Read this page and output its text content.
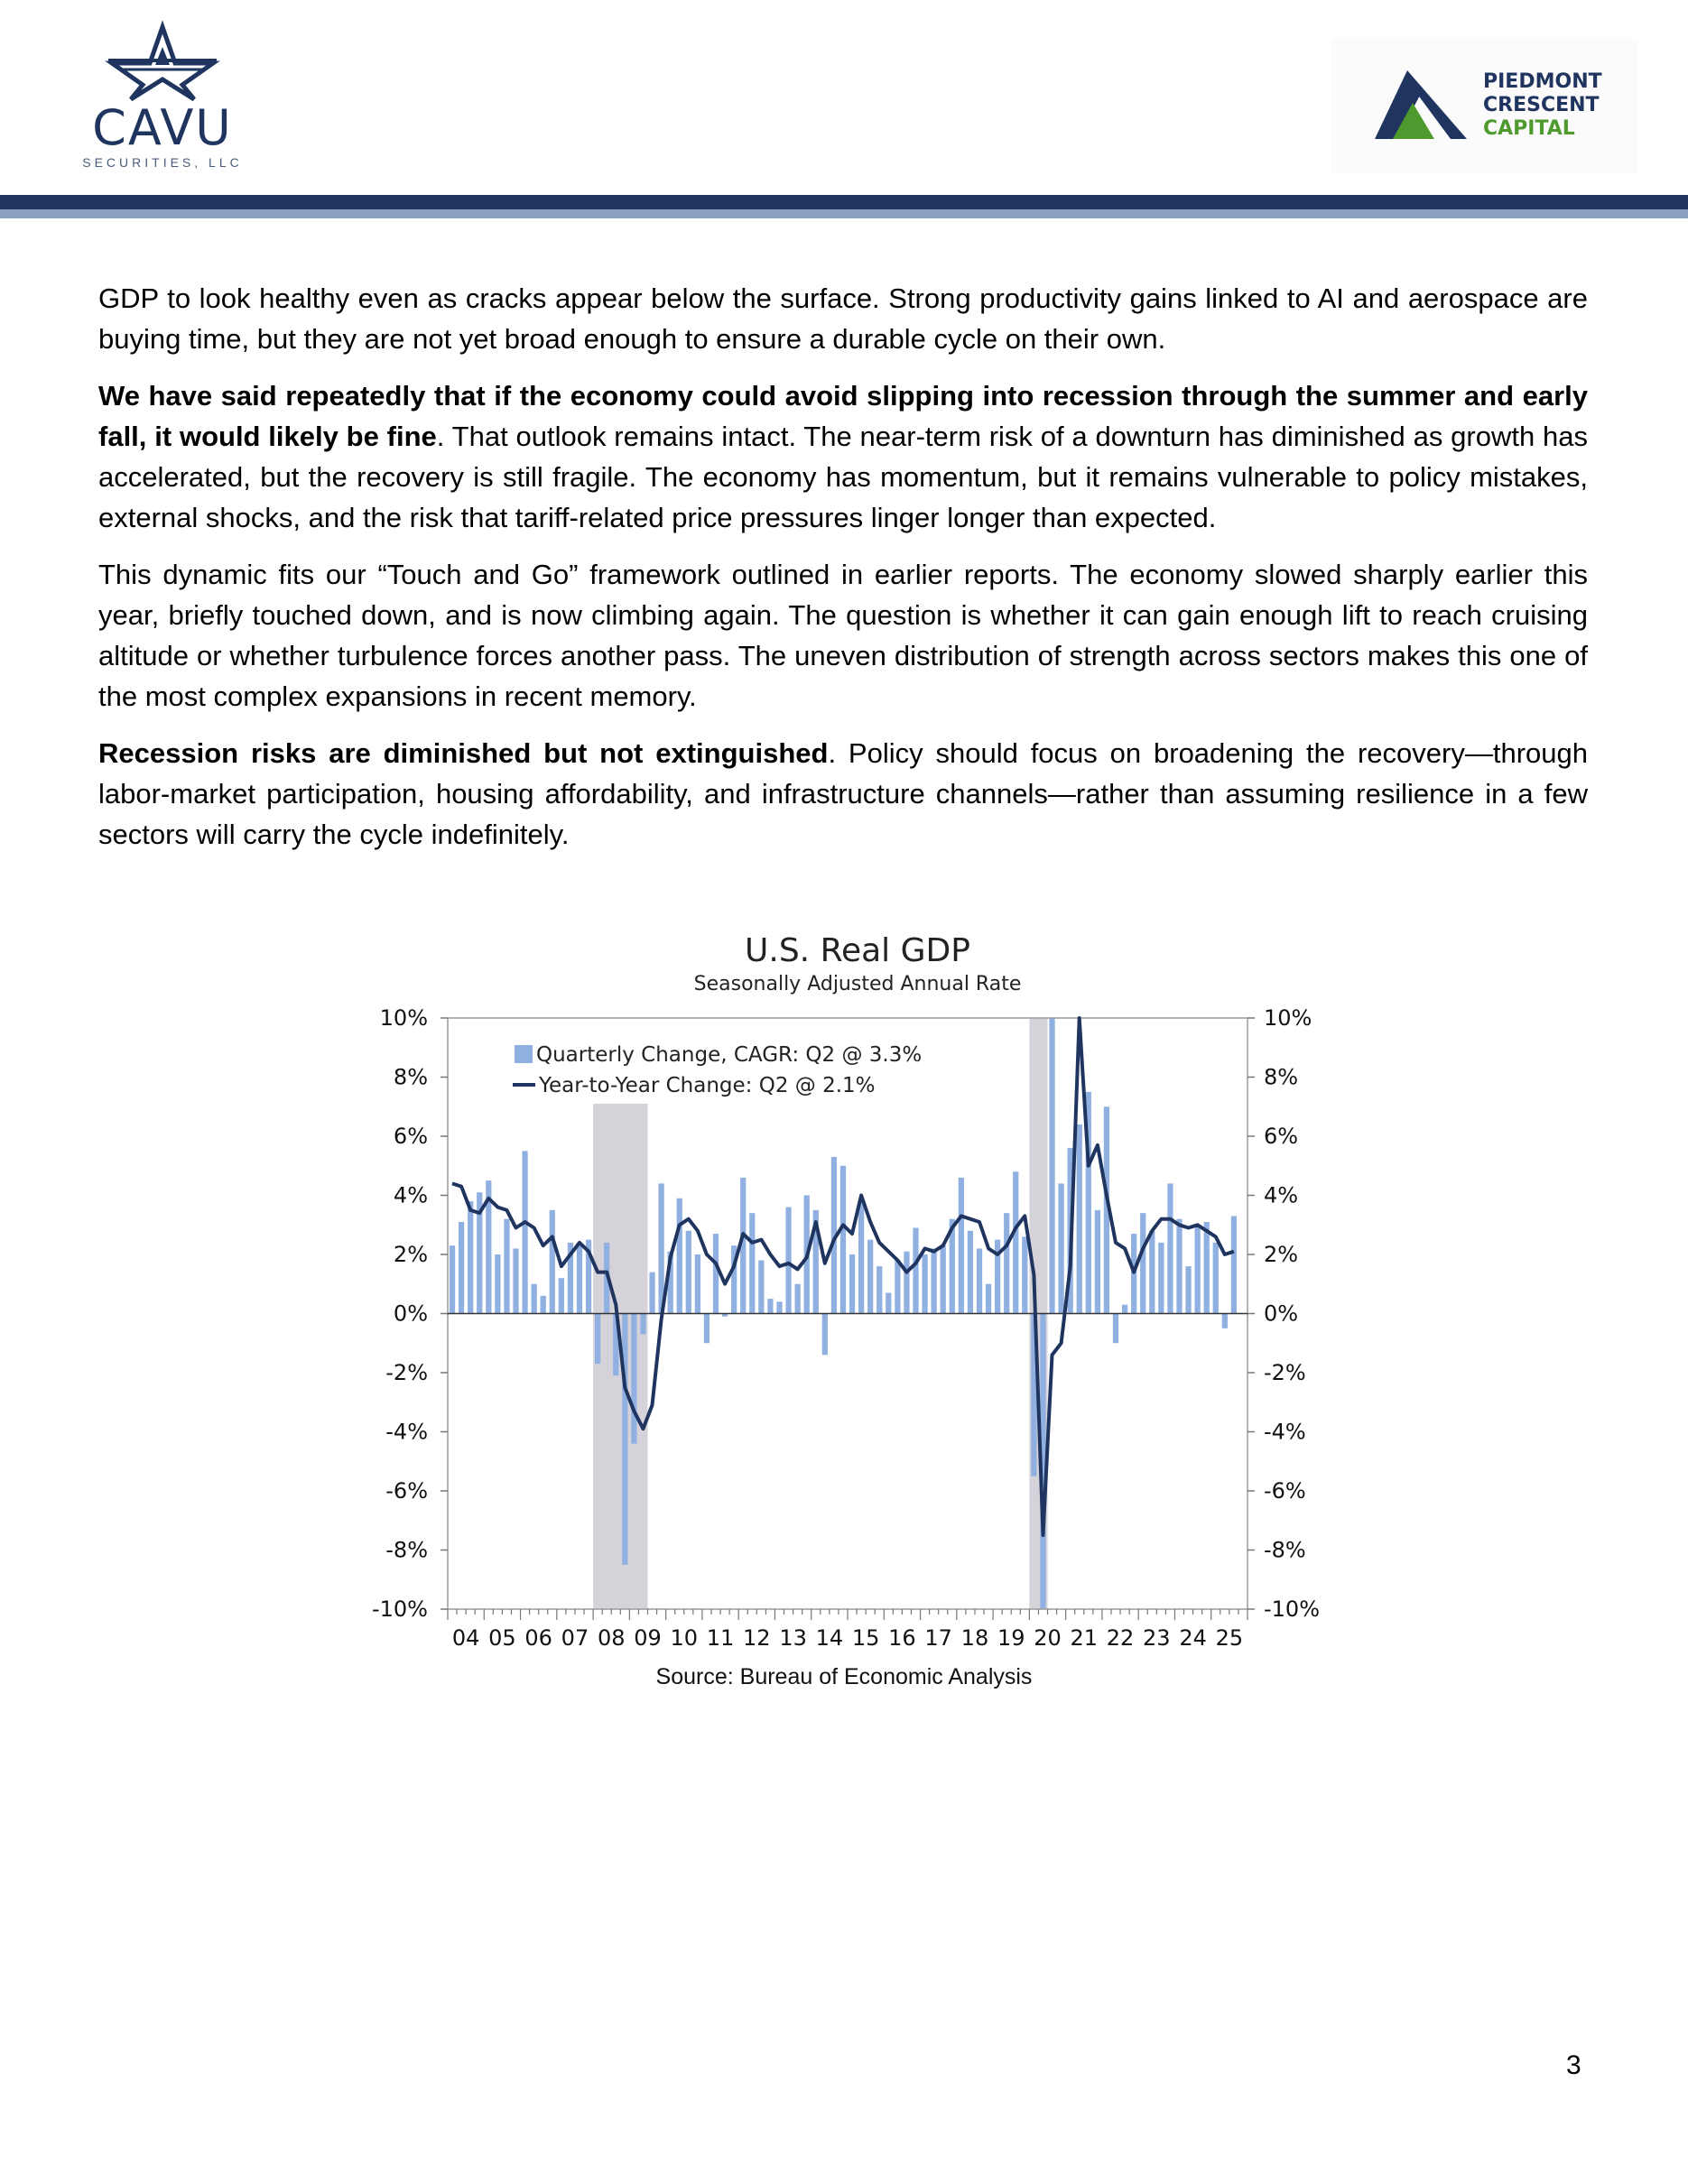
CAVU
SECURITIES, LLC
PIEDMONT
CRESCENT
CAPITAL

GDP to look healthy even as cracks appear below the surface. Strong productivity gains linked to AI and aerospace are buying time, but they are not yet broad enough to ensure a durable cycle on their own.

We have said repeatedly that if the economy could avoid slipping into recession through the summer and early fall, it would likely be fine. That outlook remains intact. The near-term risk of a downturn has diminished as growth has accelerated, but the recovery is still fragile. The economy has momentum, but it remains vulnerable to policy mistakes, external shocks, and the risk that tariff-related price pressures linger longer than expected.

This dynamic fits our “Touch and Go” framework outlined in earlier reports. The economy slowed sharply earlier this year, briefly touched down, and is now climbing again. The question is whether it can gain enough lift to reach cruising altitude or whether turbulence forces another pass. The uneven distribution of strength across sectors makes this one of the most complex expansions in recent memory.

Recession risks are diminished but not extinguished. Policy should focus on broadening the recovery—through labor-market participation, housing affordability, and infrastructure channels—rather than assuming resilience in a few sectors will carry the cycle indefinitely.

U.S. Real GDP
Seasonally Adjusted Annual Rate
10%	10%
8%	8%
6%	6%
4%	4%
2%	2%
0%	0%
-2%	-2%
-4%	-4%
-6%	-6%
-8%	-8%
-10%	-10%
04 05 06 07 08 09 10 11 12 13 14 15 16 17 18 19 20 21 22 23 24 25
Quarterly Change, CAGR: Q2 @ 3.3%
Year-to-Year Change: Q2 @ 2.1%
Source: Bureau of Economic Analysis
3
